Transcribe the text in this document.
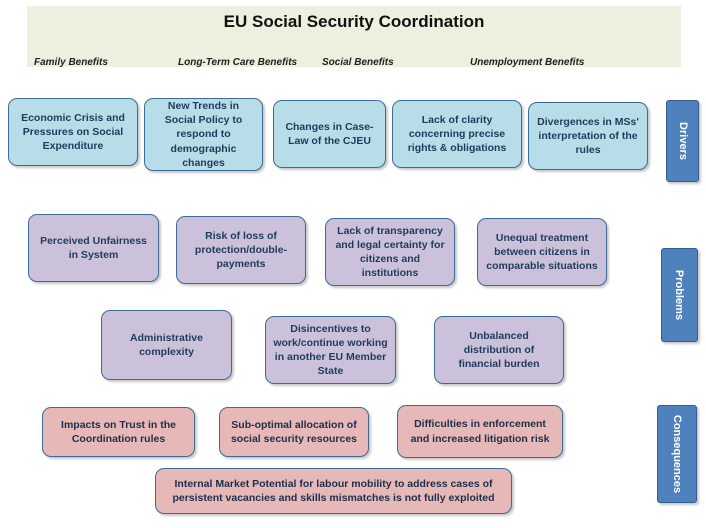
EU Social Security Coordination
Family Benefits	Long-Term Care Benefits Social Benefits	Unemployment Benefits
Economic Crisis and Pressures on Social Expenditure
New Trends in Social Policy to respond to demographic changes
Changes in Case-Law of the CJEU
Lack of clarity concerning precise rights & obligations
Divergences in MSs' interpretation of the rules
Perceived Unfairness in System
Risk of loss of protection/double-payments
Lack of transparency and legal certainty for citizens and institutions
Unequal treatment between citizens in comparable situations
Administrative complexity
Disincentives to work/continue working in another EU Member State
Unbalanced distribution of financial burden
Impacts on Trust in the Coordination rules
Sub-optimal allocation of social security resources
Difficulties in enforcement and increased litigation risk
Internal Market Potential for labour mobility to address cases of persistent vacancies and skills mismatches is not fully exploited
Drivers
Problems
Consequences
